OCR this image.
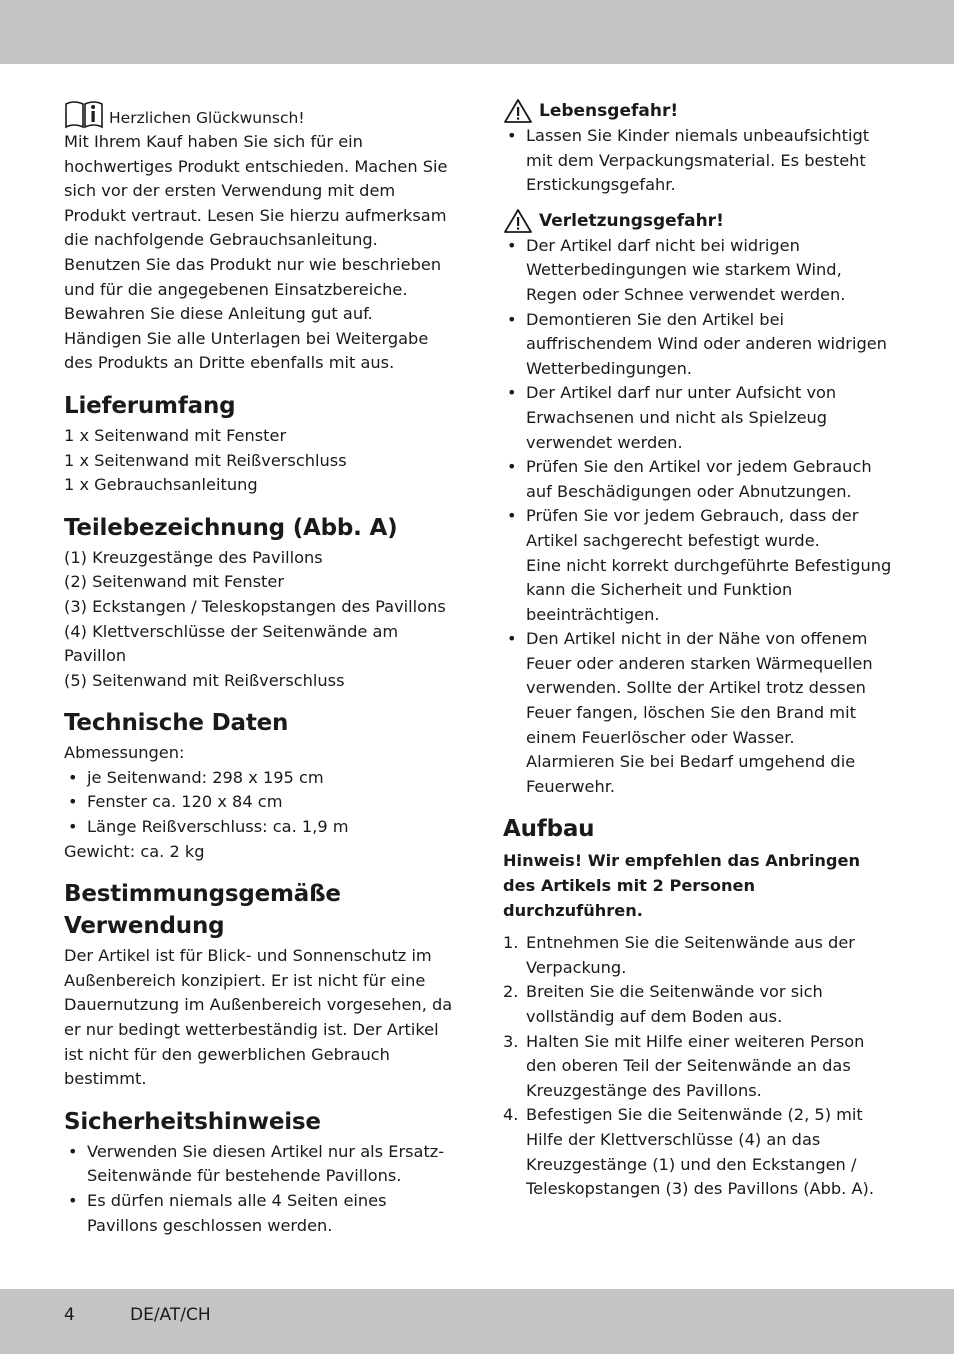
Herzlichen Glückwunsch!

Mit Ihrem Kauf haben Sie sich für ein hochwertiges Produkt entschieden. Machen Sie sich vor der ersten Verwendung mit dem Produkt vertraut. Lesen Sie hierzu aufmerksam die nachfolgende Gebrauchsanleitung. Benutzen Sie das Produkt nur wie beschrieben und für die angegebenen Einsatzbereiche. Bewahren Sie diese Anleitung gut auf. Händigen Sie alle Unterlagen bei Weitergabe des Produkts an Dritte ebenfalls mit aus.

Lieferumfang
1 x Seitenwand mit Fenster
1 x Seitenwand mit Reißverschluss
1 x Gebrauchsanleitung
Teilebezeichnung (Abb. A)
(1) Kreuzgestänge des Pavillons
(2) Seitenwand mit Fenster
(3) Eckstangen / Teleskopstangen des Pavillons
(4) Klettverschlüsse der Seitenwände am Pavillon
(5) Seitenwand mit Reißverschluss
Technische Daten
Abmessungen:
• je Seitenwand: 298 x 195 cm
• Fenster ca. 120 x 84 cm
• Länge Reißverschluss: ca. 1,9 m
Gewicht: ca. 2 kg
Bestimmungsgemäße
Verwendung

Der Artikel ist für Blick- und Sonnenschutz im Außenbereich konzipiert. Er ist nicht für eine Dauernutzung im Außenbereich vorgesehen, da er nur bedingt wetterbeständig ist. Der Artikel ist nicht für den gewerblichen Gebrauch bestimmt.

Sicherheitshinweise
• Verwenden Sie diesen Artikel nur als Ersatz-Seitenwände für bestehende Pavillons.
• Es dürfen niemals alle 4 Seiten eines Pavillons geschlossen werden.
Lebensgefahr!
• Lassen Sie Kinder niemals unbeaufsichtigt mit dem Verpackungsmaterial. Es besteht Erstickungsgefahr.
Verletzungsgefahr!
• Der Artikel darf nicht bei widrigen Wetterbedingungen wie starkem Wind, Regen oder Schnee verwendet werden.
• Demontieren Sie den Artikel bei auffrischendem Wind oder anderen widrigen Wetterbedingungen.
• Der Artikel darf nur unter Aufsicht von Erwachsenen und nicht als Spielzeug verwendet werden.
• Prüfen Sie den Artikel vor jedem Gebrauch auf Beschädigungen oder Abnutzungen.
• Prüfen Sie vor jedem Gebrauch, dass der Artikel sachgerecht befestigt wurde.
Eine nicht korrekt durchgeführte Befestigung kann die Sicherheit und Funktion beeinträchtigen.
• Den Artikel nicht in der Nähe von offenem Feuer oder anderen starken Wärmequellen verwenden. Sollte der Artikel trotz dessen Feuer fangen, löschen Sie den Brand mit einem Feuerlöscher oder Wasser.
Alarmieren Sie bei Bedarf umgehend die Feuerwehr.
Aufbau

Hinweis! Wir empfehlen das Anbringen des Artikels mit 2 Personen durchzuführen.

1. Entnehmen Sie die Seitenwände aus der Verpackung.
2. Breiten Sie die Seitenwände vor sich vollständig auf dem Boden aus.
3. Halten Sie mit Hilfe einer weiteren Person den oberen Teil der Seitenwände an das Kreuzgestänge des Pavillons.
4. Befestigen Sie die Seitenwände (2, 5) mit Hilfe der Klettverschlüsse (4) an das Kreuzgestänge (1) und den Eckstangen / Teleskopstangen (3) des Pavillons (Abb. A).
4	DE/AT/CH
